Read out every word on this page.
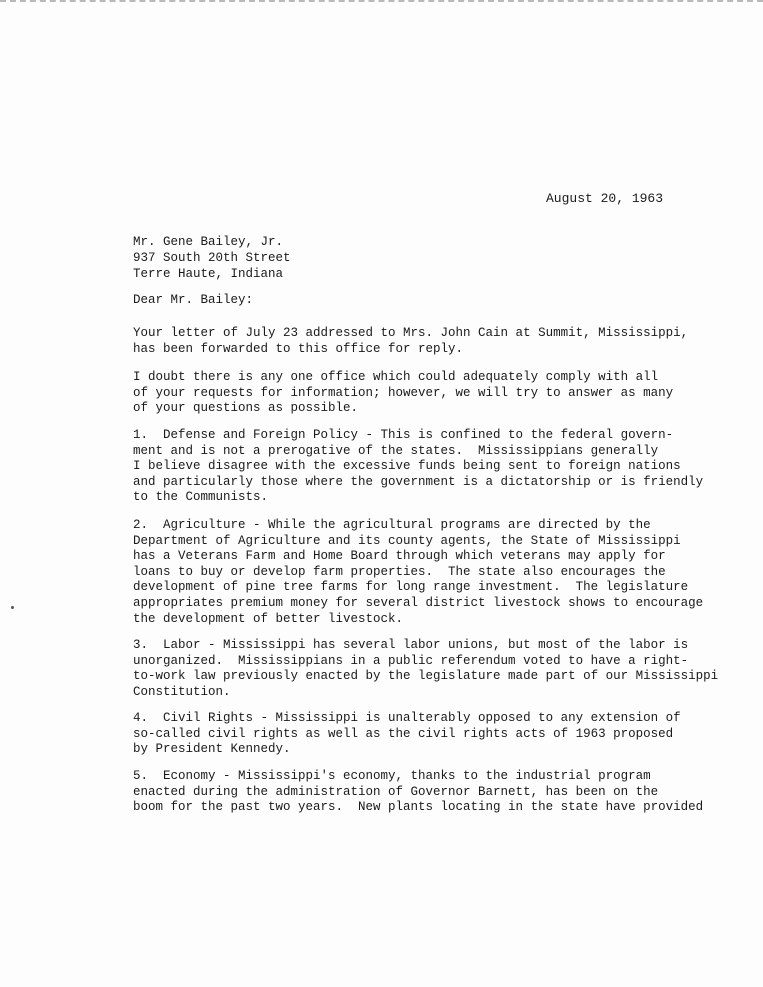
August 20, 1963
Mr. Gene Bailey, Jr.
937 South 20th Street
Terre Haute, Indiana
Dear Mr. Bailey:
Your letter of July 23 addressed to Mrs. John Cain at Summit, Mississippi,
has been forwarded to this office for reply.
I doubt there is any one office which could adequately comply with all
of your requests for information; however, we will try to answer as many
of your questions as possible.
1.  Defense and Foreign Policy - This is confined to the federal govern-
ment and is not a prerogative of the states.  Mississippians generally
I believe disagree with the excessive funds being sent to foreign nations
and particularly those where the government is a dictatorship or is friendly
to the Communists.
2.  Agriculture - While the agricultural programs are directed by the
Department of Agriculture and its county agents, the State of Mississippi
has a Veterans Farm and Home Board through which veterans may apply for
loans to buy or develop farm properties.  The state also encourages the
development of pine tree farms for long range investment.  The legislature
appropriates premium money for several district livestock shows to encourage
the development of better livestock.
3.  Labor - Mississippi has several labor unions, but most of the labor is
unorganized.  Mississippians in a public referendum voted to have a right-
to-work law previously enacted by the legislature made part of our Mississippi
Constitution.
4.  Civil Rights - Mississippi is unalterably opposed to any extension of
so-called civil rights as well as the civil rights acts of 1963 proposed
by President Kennedy.
5.  Economy - Mississippi's economy, thanks to the industrial program
enacted during the administration of Governor Barnett, has been on the
boom for the past two years.  New plants locating in the state have provided
